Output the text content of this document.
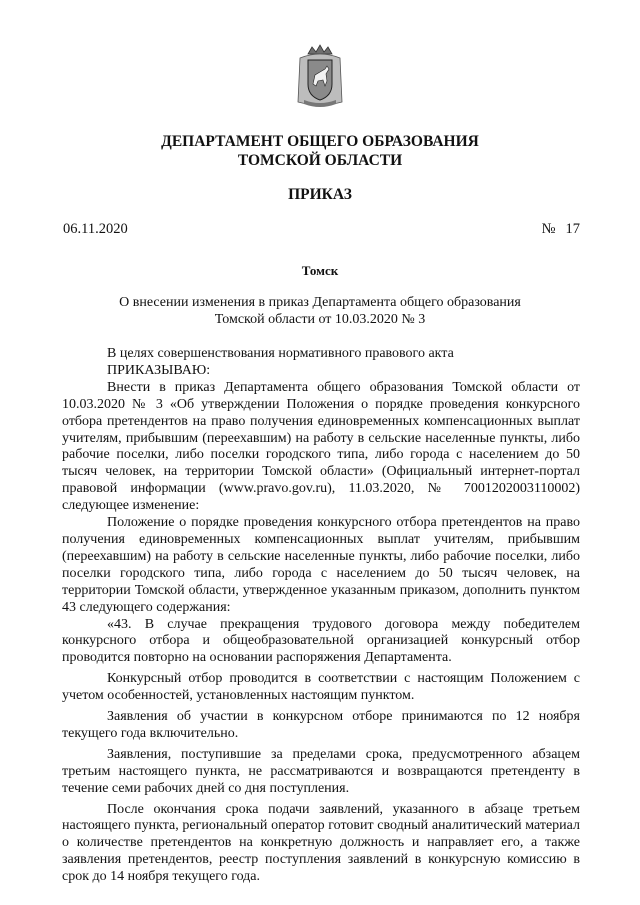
ДЕПАРТАМЕНТ ОБЩЕГО ОБРАЗОВАНИЯ
ТОМСКОЙ ОБЛАСТИ
ПРИКАЗ
06.11.2020	№ 17
Томск
О внесении изменения в приказ Департамента общего образования
Томской области от 10.03.2020 № 3

В целях совершенствования нормативного правового акта

ПРИКАЗЫВАЮ:

Внести в приказ Департамента общего образования Томской области от 10.03.2020 № 3 «Об утверждении Положения о порядке проведения конкурсного отбора претендентов на право получения единовременных компенсационных выплат учителям, прибывшим (переехавшим) на работу в сельские населенные пункты, либо рабочие поселки, либо поселки городского типа, либо города с населением до 50 тысяч человек, на территории Томской области» (Официальный интернет-портал правовой информации (www.pravo.gov.ru), 11.03.2020, № 7001202003110002) следующее изменение:

Положение о порядке проведения конкурсного отбора претендентов на право получения единовременных компенсационных выплат учителям, прибывшим (переехавшим) на работу в сельские населенные пункты, либо рабочие поселки, либо поселки городского типа, либо города с населением до 50 тысяч человек, на территории Томской области, утвержденное указанным приказом, дополнить пунктом 43 следующего содержания:

«43. В случае прекращения трудового договора между победителем конкурсного отбора и общеобразовательной организацией конкурсный отбор проводится повторно на основании распоряжения Департамента.

Конкурсный отбор проводится в соответствии с настоящим Положением с учетом особенностей, установленных настоящим пунктом.

Заявления об участии в конкурсном отборе принимаются по 12 ноября текущего года включительно.

Заявления, поступившие за пределами срока, предусмотренного абзацем третьим настоящего пункта, не рассматриваются и возвращаются претенденту в течение семи рабочих дней со дня поступления.

После окончания срока подачи заявлений, указанного в абзаце третьем настоящего пункта, региональный оператор готовит сводный аналитический материал о количестве претендентов на конкретную должность и направляет его, а также заявления претендентов, реестр поступления заявлений в конкурсную комиссию в срок до 14 ноября текущего года.
